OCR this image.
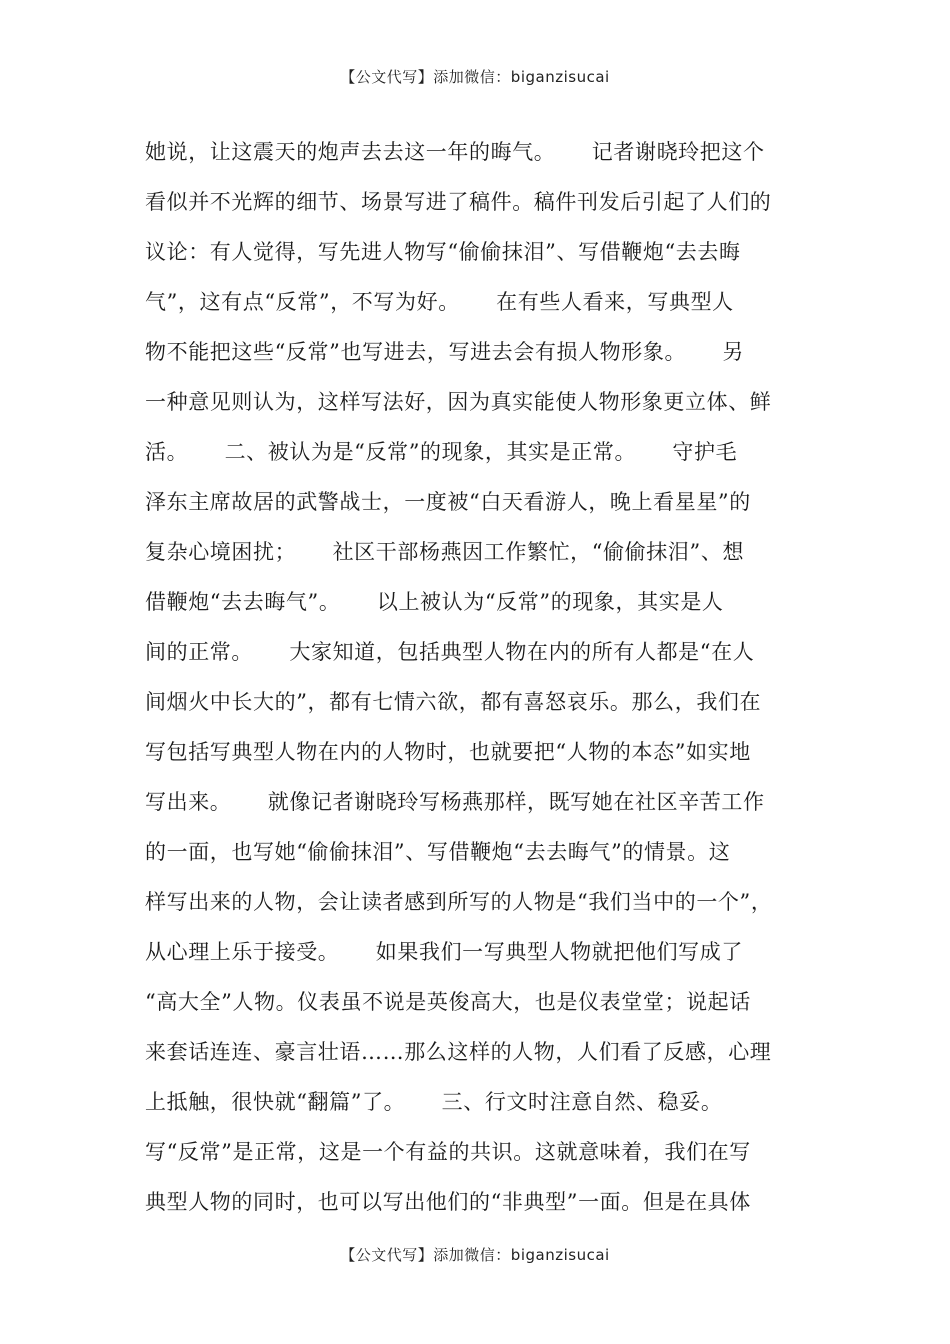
【公文代写】添加微信：biganzisucai
她说，让这震天的炮声去去这一年的晦气。     记者谢晓玲把这个
看似并不光辉的细节、场景写进了稿件。稿件刊发后引起了人们的
议论：有人觉得，写先进人物写“偷偷抹泪”、写借鞭炮“去去晦
气”，这有点“反常”，不写为好。     在有些人看来，写典型人
物不能把这些“反常”也写进去，写进去会有损人物形象。     另
一种意见则认为，这样写法好，因为真实能使人物形象更立体、鲜
活。     二、被认为是“反常”的现象，其实是正常。     守护毛
泽东主席故居的武警战士，一度被“白天看游人，晚上看星星”的
复杂心境困扰；     社区干部杨燕因工作繁忙，“偷偷抹泪”、想
借鞭炮“去去晦气”。     以上被认为“反常”的现象，其实是人
间的正常。     大家知道，包括典型人物在内的所有人都是“在人
间烟火中长大的”，都有七情六欲，都有喜怒哀乐。那么，我们在
写包括写典型人物在内的人物时，也就要把“人物的本态”如实地
写出来。     就像记者谢晓玲写杨燕那样，既写她在社区辛苦工作
的一面，也写她“偷偷抹泪”、写借鞭炮“去去晦气”的情景。这
样写出来的人物，会让读者感到所写的人物是“我们当中的一个”，
从心理上乐于接受。     如果我们一写典型人物就把他们写成了
“高大全”人物。仪表虽不说是英俊高大，也是仪表堂堂；说起话
来套话连连、豪言壮语……那么这样的人物，人们看了反感，心理
上抵触，很快就“翻篇”了。     三、行文时注意自然、稳妥。
写“反常”是正常，这是一个有益的共识。这就意味着，我们在写
典型人物的同时，也可以写出他们的“非典型”一面。但是在具体
【公文代写】添加微信：biganzisucai
